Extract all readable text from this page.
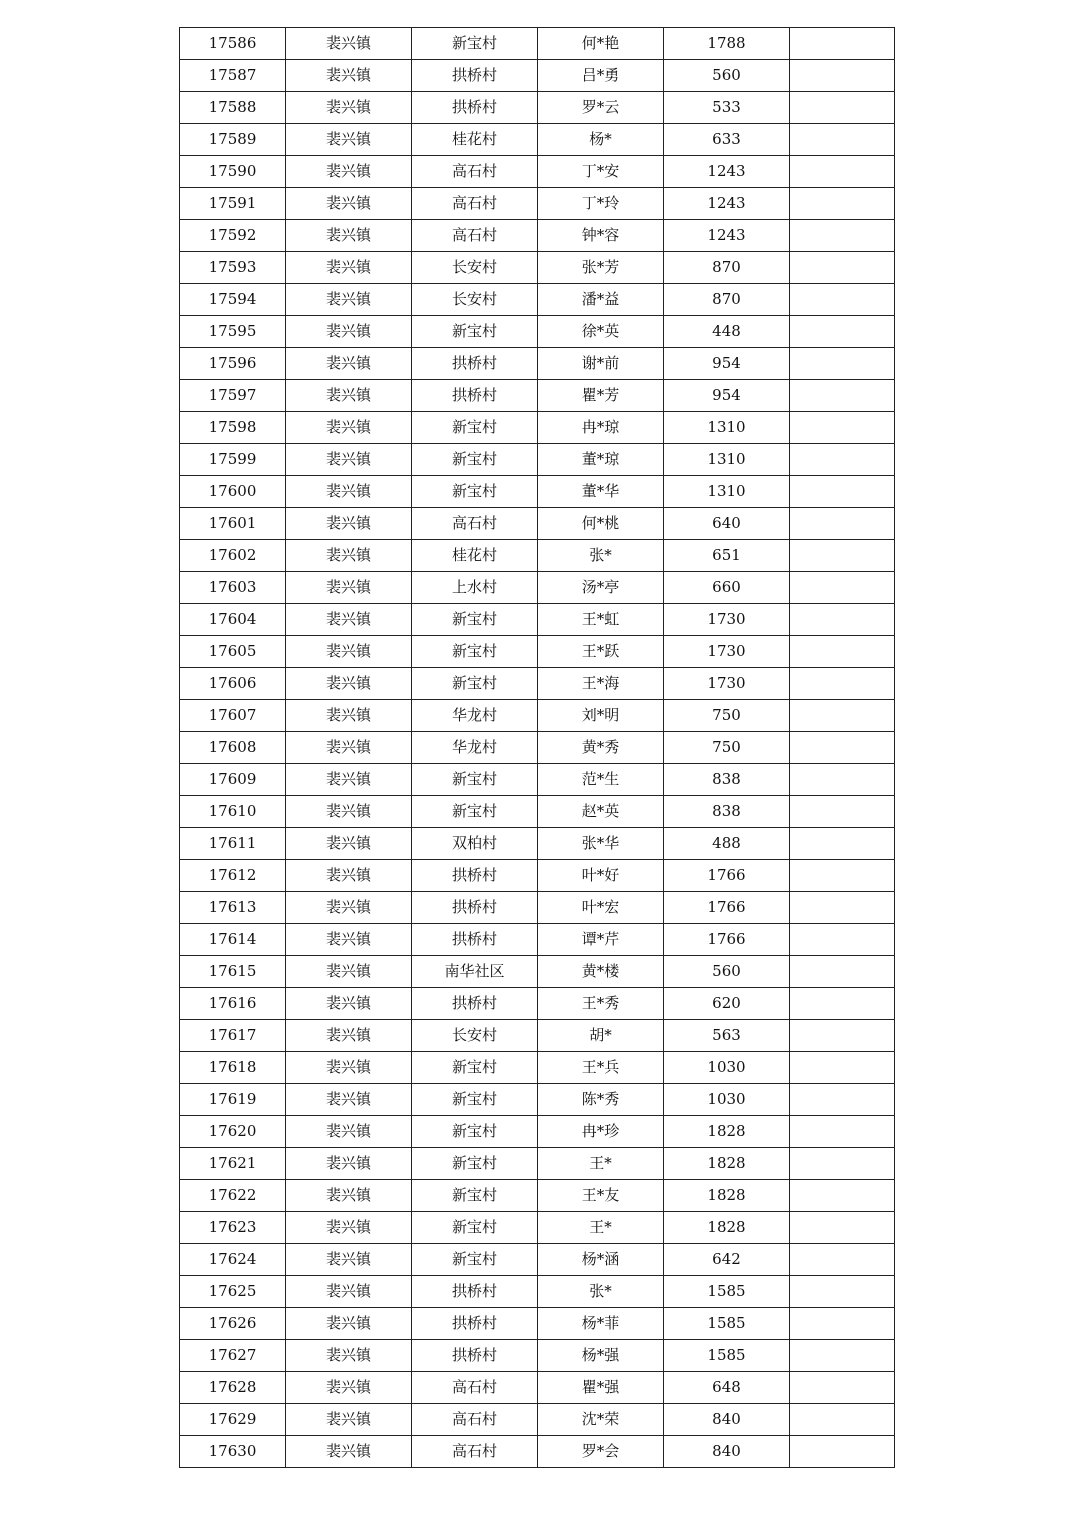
17586	裴兴镇	新宝村	何*艳	1788	
17587	裴兴镇	拱桥村	吕*勇	560	
17588	裴兴镇	拱桥村	罗*云	533	
17589	裴兴镇	桂花村	杨*	633	
17590	裴兴镇	高石村	丁*安	1243	
17591	裴兴镇	高石村	丁*玲	1243	
17592	裴兴镇	高石村	钟*容	1243	
17593	裴兴镇	长安村	张*芳	870	
17594	裴兴镇	长安村	潘*益	870	
17595	裴兴镇	新宝村	徐*英	448	
17596	裴兴镇	拱桥村	谢*前	954	
17597	裴兴镇	拱桥村	瞿*芳	954	
17598	裴兴镇	新宝村	冉*琼	1310	
17599	裴兴镇	新宝村	董*琼	1310	
17600	裴兴镇	新宝村	董*华	1310	
17601	裴兴镇	高石村	何*桃	640	
17602	裴兴镇	桂花村	张*	651	
17603	裴兴镇	上水村	汤*亭	660	
17604	裴兴镇	新宝村	王*虹	1730	
17605	裴兴镇	新宝村	王*跃	1730	
17606	裴兴镇	新宝村	王*海	1730	
17607	裴兴镇	华龙村	刘*明	750	
17608	裴兴镇	华龙村	黄*秀	750	
17609	裴兴镇	新宝村	范*生	838	
17610	裴兴镇	新宝村	赵*英	838	
17611	裴兴镇	双柏村	张*华	488	
17612	裴兴镇	拱桥村	叶*好	1766	
17613	裴兴镇	拱桥村	叶*宏	1766	
17614	裴兴镇	拱桥村	谭*芹	1766	
17615	裴兴镇	南华社区	黄*楼	560	
17616	裴兴镇	拱桥村	王*秀	620	
17617	裴兴镇	长安村	胡*	563	
17618	裴兴镇	新宝村	王*兵	1030	
17619	裴兴镇	新宝村	陈*秀	1030	
17620	裴兴镇	新宝村	冉*珍	1828	
17621	裴兴镇	新宝村	王*	1828	
17622	裴兴镇	新宝村	王*友	1828	
17623	裴兴镇	新宝村	王*	1828	
17624	裴兴镇	新宝村	杨*涵	642	
17625	裴兴镇	拱桥村	张*	1585	
17626	裴兴镇	拱桥村	杨*菲	1585	
17627	裴兴镇	拱桥村	杨*强	1585	
17628	裴兴镇	高石村	瞿*强	648	
17629	裴兴镇	高石村	沈*荣	840	
17630	裴兴镇	高石村	罗*会	840	
